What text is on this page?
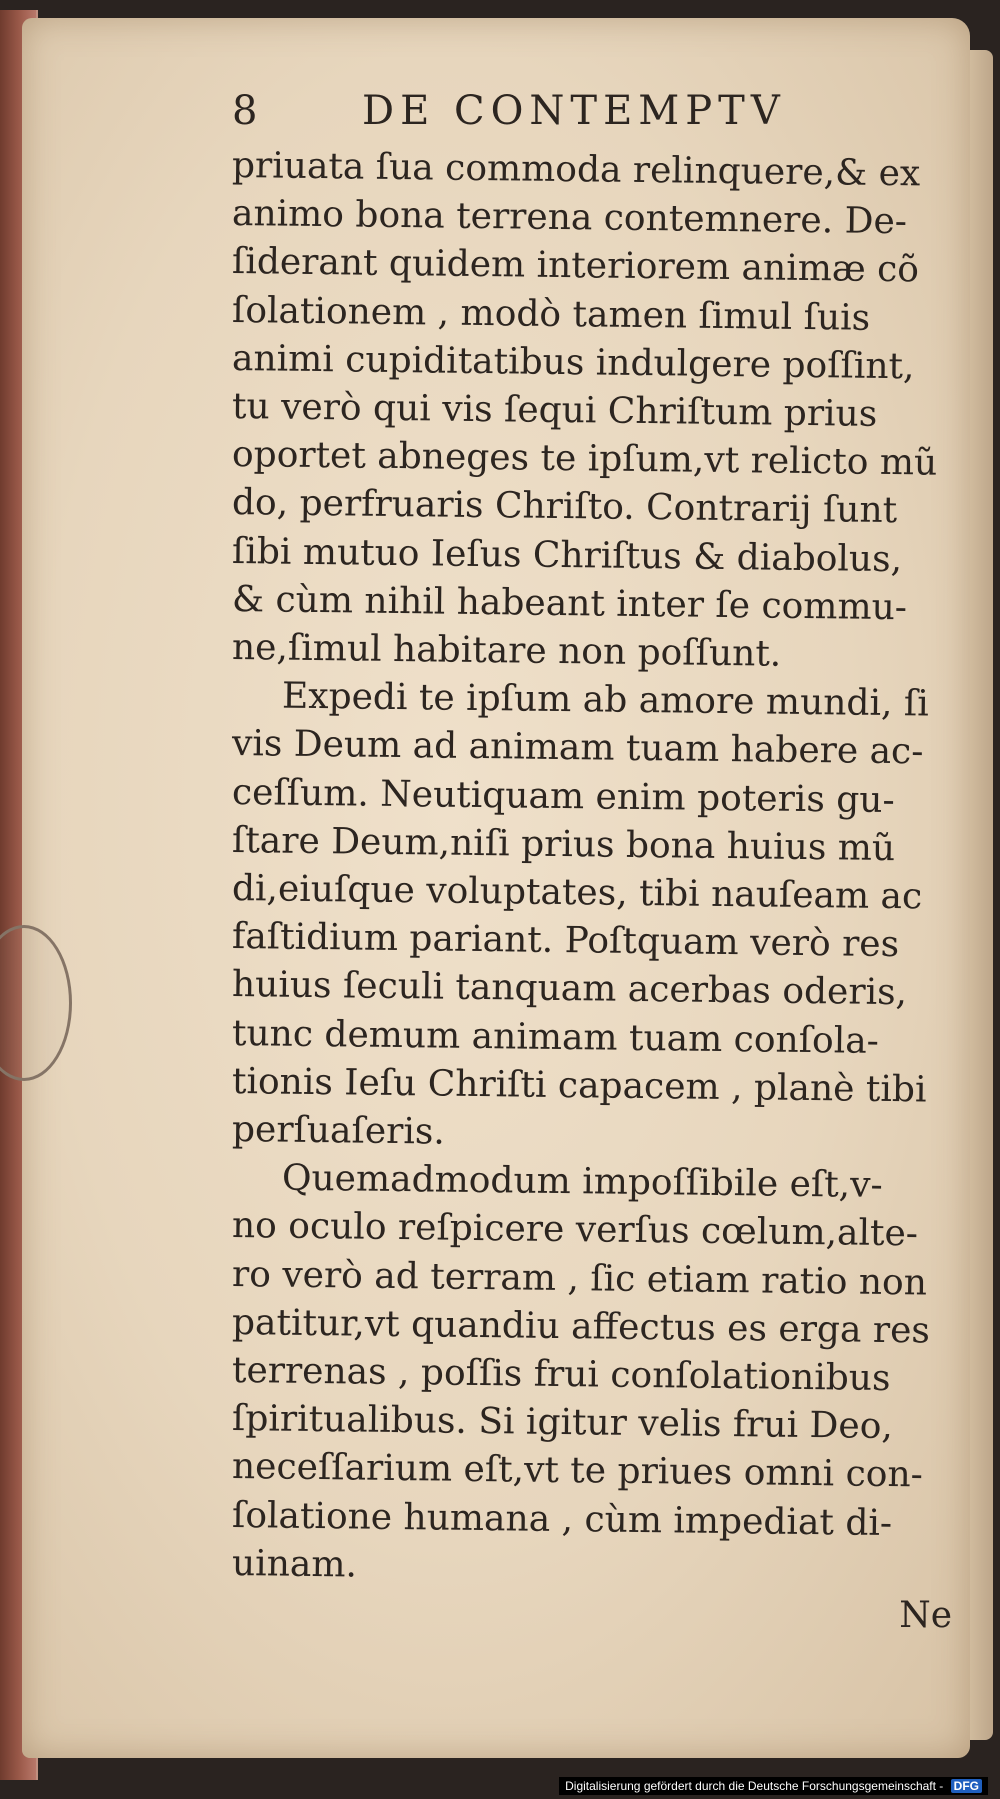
8 DE CONTEMPTV
priuata ſua commoda relinquere,& ex
animo bona terrena contemnere. De-
ſiderant quidem interiorem animæ cõ
ſolationem , modò tamen ſimul ſuis
animi cupiditatibus indulgere poſſint,
tu verò qui vis ſequi Chriſtum prius
oportet abneges te ipſum,vt relicto mũ
do, perfruaris Chriſto. Contrarij ſunt
ſibi mutuo Ieſus Chriſtus & diabolus,
& cùm nihil habeant inter ſe commu-
ne,ſimul habitare non poſſunt.
Expedi te ipſum ab amore mundi, ſi
vis Deum ad animam tuam habere ac-
ceſſum. Neutiquam enim poteris gu-
ſtare Deum,niſi prius bona huius mũ
di,eiuſque voluptates, tibi nauſeam ac
faſtidium pariant. Poſtquam verò res
huius ſeculi tanquam acerbas oderis,
tunc demum animam tuam conſola-
tionis Ieſu Chriſti capacem , planè tibi
perſuaſeris.
Quemadmodum impoſſibile eſt,v-
no oculo reſpicere verſus cœlum,alte-
ro verò ad terram , ſic etiam ratio non
patitur,vt quandiu affectus es erga res
terrenas , poſſis frui conſolationibus
ſpiritualibus. Si igitur velis frui Deo,
neceſſarium eſt,vt te priues omni con-
ſolatione humana , cùm impediat di-
uinam.
Ne
Digitalisierung gefördert durch die Deutsche Forschungsgemeinschaft - DFG
